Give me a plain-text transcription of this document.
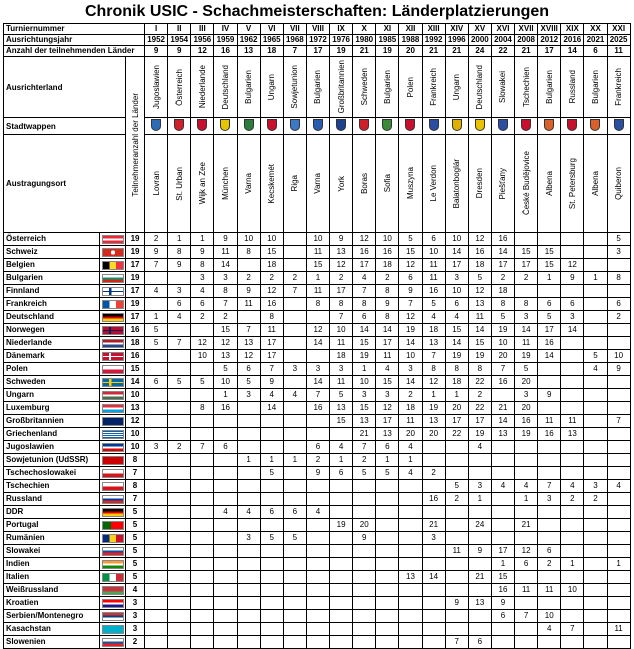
Chronik USIC - Schachmeisterschaften: Länderplatzierungen
Turniernummer			I	II	III	IV	V	VI	VII	VIII	IX	X	XI	XII	XIII	XIV	XV	XVI	XVII	XVIII	XIX	XX	XXI
Ausrichtungsjahr			1952	1954	1956	1959	1962	1965	1968	1972	1976	1980	1985	1988	1992	1996	2000	2004	2008	2012	2016	2021	2025
Anzahl der teilnehmenden Länder			9	9	12	16	13	18	7	17	19	21	19	20	21	21	24	22	21	17	14	6	11
Ausrichterland		Teilnehmeranzahl der Länder	Jugoslawien	Österreich	Niederlande	Deutschland	Bulgarien	Ungarn	Sowjetunion	Bulgarien	Großbritannien	Schweden	Bulgarien	Polen	Frankreich	Ungarn	Deutschland	Slowakei	Tschechien	Bulgarien	Russland	Bulgarien	Frankreich

Stadtwappen																							
Austragungsort			Lovran	St. Urban	Wijk an Zee	München	Varna	Kecskemét	Riga	Varna	York	Boras	Sofia	Muszyna	Le Verdon	Balatonboglár	Dresden	Piešťany	České Budějovice	Albena	St. Petersburg	Albena	Quiberon

Österreich		19	2	1	1	9	10	10		10	9	12	10	5	6	10	12	16					5
Schweiz		19	9	8	9	11	8	15		11	13	16	16	15	10	14	16	14	15	15			3
Belgien		17	7	9	8	14		18		15	12	17	18	12	11	17	18	17	17	15	12		
Bulgarien		19			3	3	2	2	2	1	2	4	2	6	11	3	5	2	2	1	9	1	8
Finnland		17	4	3	4	8	9	12	7	11	17	7	8	9	16	10	12	18					
Frankreich		19		6	6	7	11	16		8	8	8	9	7	5	6	13	8	8	6	6		6
Deutschland		17	1	4	2	2		8			7	6	8	12	4	4	11	5	3	5	3		2
Norwegen		16	5			15	7	11		12	10	14	14	19	18	15	14	19	14	17	14		
Niederlande		18	5	7	12	12	13	17		14	11	15	17	14	13	14	15	10	11	16			
Dänemark		16			10	13	12	17			18	19	11	10	7	19	19	20	19	14		5	10
Polen		15				5	6	7	3	3	3	1	4	3	8	8	8	7	5			4	9
Schweden		14	6	5	5	10	5	9		14	11	10	15	14	12	18	22	16	20				
Ungarn		10				1	3	4	4	7	5	3	3	2	1	1	2		3	9			
Luxemburg		13			8	16		14		16	13	15	12	18	19	20	22	21	20				
Großbritannien		12									15	13	17	11	13	17	17	14	16	11	11		7
Griechenland		10										21	13	20	20	22	19	13	19	16	13		
Jugoslawien		10	3	2	7	6				6	4	7	6	4			4						
Sowjetunion (UdSSR)		8					1	1	1	2	1	2	1	1									
Tschechoslowakei		7						5		9	6	5	5	4	2								
Tschechien		8														5	3	4	4	7	4	3	4
Russland		7													16	2	1		1	3	2	2	
DDR		5				4	4	6	6	4													
Portugal		5									19	20			21		24		21				
Rumänien		5					3	5	5			9			3								
Slowakei		5														11	9	17	12	6			
Indien		5																1	6	2	1		1
Italien		5												13	14		21	15					
Weißrussland		4																16	11	11	10		
Kroatien		3														9	13	9					
Serbien/Montenegro		3																6	7	10			
Kasachstan		3																		4	7		11
Slowenien		2														7	6						
